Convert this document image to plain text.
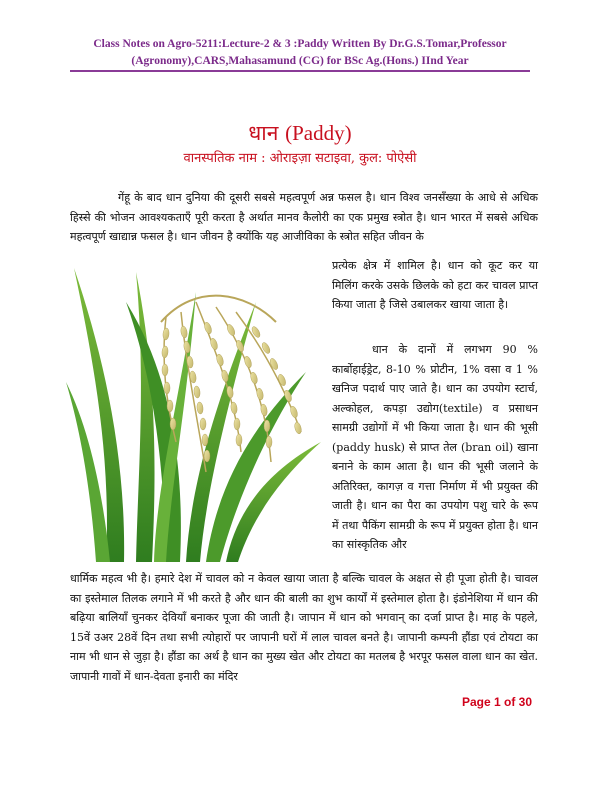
Class Notes on Agro-5211:Lecture-2 & 3 :Paddy Written By Dr.G.S.Tomar,Professor
(Agronomy),CARS,Mahasamund (CG) for BSc Ag.(Hons.) IInd Year
धान (Paddy)
वानस्पतिक नाम : ओराइज़ा सटाइवा, कुल: पोऐसी

गेंहू के बाद धान दुनिया की दूसरी सबसे महत्वपूर्ण अन्न फसल है। धान विश्व जनसँख्या के आधे से अधिक हिस्से की भोजन आवश्यकताएँ पूरी करता है अर्थात मानव कैलोरी का एक प्रमुख स्त्रोत है। धान भारत में सबसे अधिक महत्वपूर्ण खाद्यान्न फसल है। धान जीवन है क्योंकि यह आजीविका के स्त्रोत सहित जीवन के

प्रत्येक क्षेत्र में शामिल है। धान को कूट कर या मिलिंग करके उसके छिलके को हटा कर चावल प्राप्त किया जाता है जिसे उबालकर खाया जाता है।

धान के दानों में लगभग 90 % कार्बोहाईड्रेट, 8-10 % प्रोटीन, 1% वसा व 1 % खनिज पदार्थ पाए जाते है। धान का उपयोग स्टार्च, अल्कोहल, कपड़ा उद्योग(textile) व प्रसाधन सामग्री उद्योगों में भी किया जाता है। धान की भूसी (paddy husk) से प्राप्त तेल (bran oil) खाना बनाने के काम आता है। धान की भूसी जलाने के अतिरिक्त, कागज़ व गत्ता निर्माण में भी प्रयुक्त की जाती है। धान का पैरा का उपयोग पशु चारे के रूप में तथा पैकिंग सामग्री के रूप में प्रयुक्त होता है। धान का सांस्कृतिक और

धार्मिक महत्व भी है। हमारे देश में चावल को न केवल खाया जाता है बल्कि चावल के अक्षत से ही पूजा होती है। चावल का इस्तेमाल तिलक लगाने में भी करते है और धान की बाली का शुभ कार्यों में इस्तेमाल होता है। इंडोनेशिया में धान की बढ़िया बालियाँ चुनकर देवियाँ बनाकर पूजा की जाती है। जापान में धान को भगवान् का दर्जा प्राप्त है। माह के पहले, 15वें उअर 28वें दिन तथा सभी त्योहारों पर जापानी घरों में लाल चावल बनते है। जापानी कम्पनी हौंडा एवं टोयटा का नाम भी धान से जुड़ा है। हौंडा का अर्थ है धान का मुख्य खेत और टोयटा का मतलब है भरपूर फसल वाला धान का खेत. जापानी गावों में धान-देवता इनारी का मंदिर

Page 1 of 30
